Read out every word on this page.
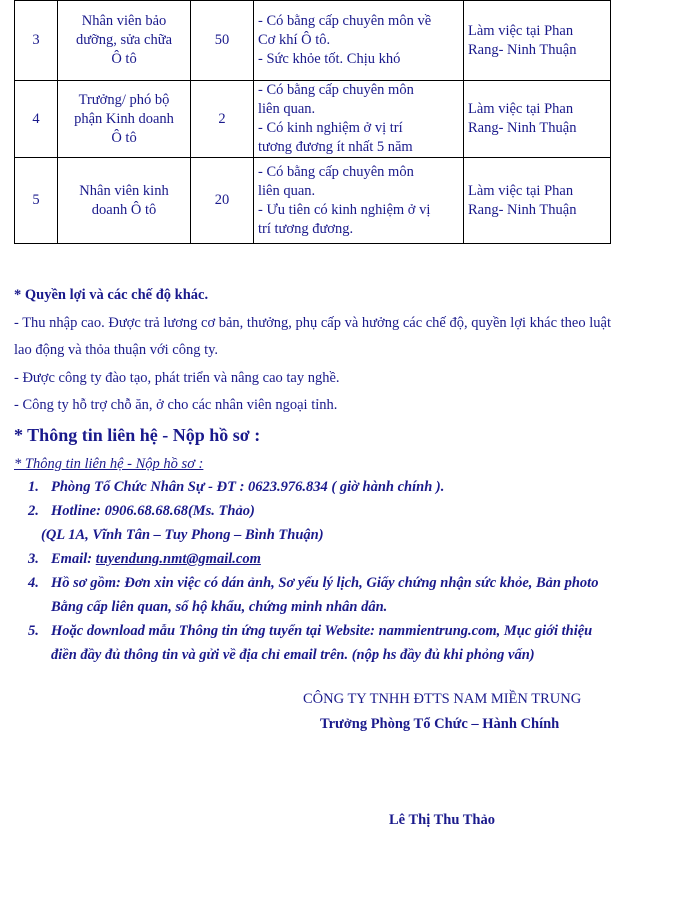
3	Nhân viên bảo
dưỡng, sửa chữa
Ô tô	50	- Có bằng cấp chuyên môn về
Cơ khí Ô tô.
- Sức khỏe tốt. Chịu khó	Làm việc tại Phan
Rang- Ninh Thuận

4	Trưởng/ phó bộ
phận Kinh doanh
Ô tô	2	- Có bằng cấp chuyên môn
liên quan.
- Có kinh nghiệm ở vị trí
tương đương ít nhất 5 năm	Làm việc tại Phan
Rang- Ninh Thuận

5	Nhân viên kinh
doanh Ô tô	20	- Có bằng cấp chuyên môn
liên quan.
- Ưu tiên có kinh nghiệm ở vị
trí tương đương.	Làm việc tại Phan
Rang- Ninh Thuận
* Quyền lợi và các chế độ khác.
- Thu nhập cao. Được trả lương cơ bản, thưởng, phụ cấp và hưởng các chế độ, quyền lợi khác theo luật
lao động và thỏa thuận với công ty.
- Được công ty đào tạo, phát triển và nâng cao tay nghề.
- Công ty hỗ trợ chỗ ăn, ở cho các nhân viên ngoại tỉnh.
* Thông tin liên hệ - Nộp hồ sơ :
* Thông tin liên hệ - Nộp hồ sơ :
1. Phòng Tổ Chức Nhân Sự - ĐT : 0623.976.834 ( giờ hành chính ).
2. Hotline: 0906.68.68.68(Ms. Thảo)
(QL 1A, Vĩnh Tân – Tuy Phong – Bình Thuận)
3. Email: tuyendung.nmt@gmail.com
4. Hồ sơ gồm: Đơn xin việc có dán ảnh, Sơ yếu lý lịch, Giấy chứng nhận sức khỏe, Bản photo
Bằng cấp liên quan, sổ hộ khẩu, chứng minh nhân dân.
5. Hoặc download mẫu Thông tin ứng tuyển tại Website: nammientrung.com, Mục giới thiệu
điền đầy đủ thông tin và gửi về địa chỉ email trên. (nộp hs đầy đủ khi phỏng vấn)
CÔNG TY TNHH ĐTTS NAM MIỀN TRUNG
Trưởng Phòng Tổ Chức – Hành Chính
Lê Thị Thu Thảo
